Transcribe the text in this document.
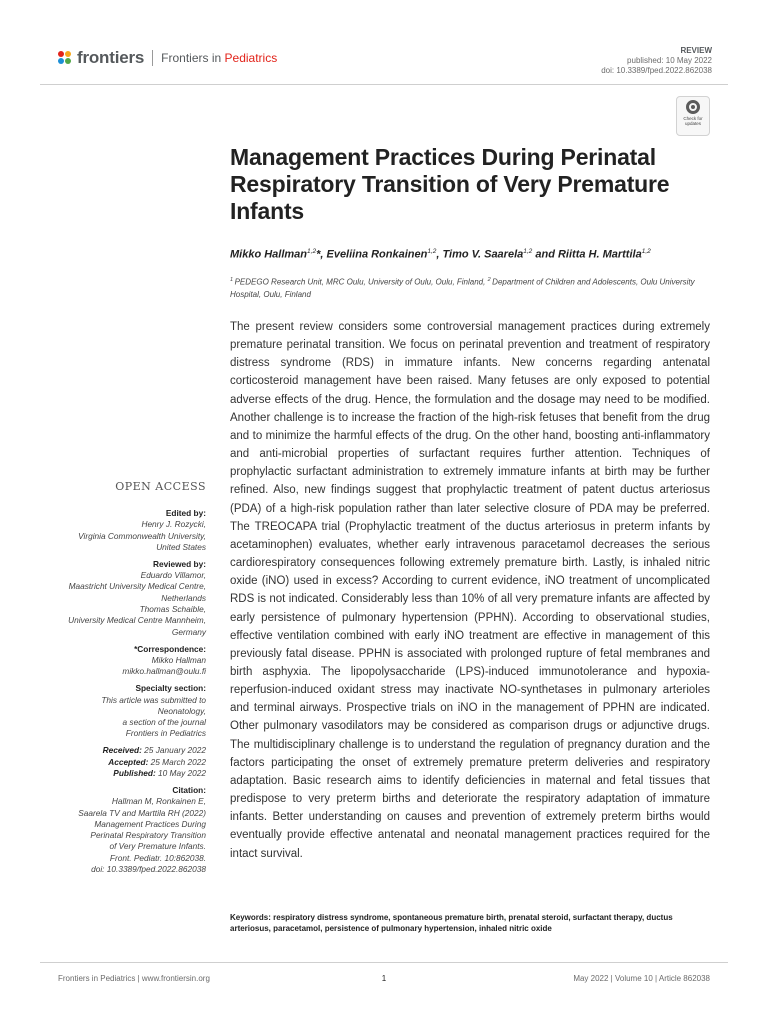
frontiers Frontiers in Pediatrics
REVIEW
published: 10 May 2022
doi: 10.3389/fped.2022.862038
Check for
updates
Management Practices During Perinatal Respiratory Transition of Very Premature Infants
Mikko Hallman$^{1,2}$*, Eveliina Ronkainen$^{1,2}$, Timo V. Saarela$^{1,2}$ and Riitta H. Marttila$^{1,2}$
$^1$ PEDEGO Research Unit, MRC Oulu, University of Oulu, Oulu, Finland, $^2$ Department of Children and Adolescents, Oulu University Hospital, Oulu, Finland

The present review considers some controversial management practices during extremely premature perinatal transition. We focus on perinatal prevention and treatment of respiratory distress syndrome (RDS) in immature infants. New concerns regarding antenatal corticosteroid management have been raised. Many fetuses are only exposed to potential adverse effects of the drug. Hence, the formulation and the dosage may need to be modified. Another challenge is to increase the fraction of the high-risk fetuses that benefit from the drug and to minimize the harmful effects of the drug. On the other hand, boosting anti-inflammatory and anti-microbial properties of surfactant requires further attention. Techniques of prophylactic surfactant administration to extremely immature infants at birth may be further refined. Also, new findings suggest that prophylactic treatment of patent ductus arteriosus (PDA) of a high-risk population rather than later selective closure of PDA may be preferred. The TREOCAPA trial (Prophylactic treatment of the ductus arteriosus in preterm infants by acetaminophen) evaluates, whether early intravenous paracetamol decreases the serious cardiorespiratory consequences following extremely premature birth. Lastly, is inhaled nitric oxide (iNO) used in excess? According to current evidence, iNO treatment of uncomplicated RDS is not indicated. Considerably less than 10% of all very premature infants are affected by early persistence of pulmonary hypertension (PPHN). According to observational studies, effective ventilation combined with early iNO treatment are effective in management of this previously fatal disease. PPHN is associated with prolonged rupture of fetal membranes and birth asphyxia. The lipopolysaccharide (LPS)-induced immunotolerance and hypoxia-reperfusion-induced oxidant stress may inactivate NO-synthetases in pulmonary arterioles and terminal airways. Prospective trials on iNO in the management of PPHN are indicated. Other pulmonary vasodilators may be considered as comparison drugs or adjunctive drugs. The multidisciplinary challenge is to understand the regulation of pregnancy duration and the factors participating the onset of extremely premature preterm deliveries and respiratory adaptation. Basic research aims to identify deficiencies in maternal and fetal tissues that predispose to very preterm births and deteriorate the respiratory adaptation of immature infants. Better understanding on causes and prevention of extremely preterm births would eventually provide effective antenatal and neonatal management practices required for the intact survival.

Keywords: respiratory distress syndrome, spontaneous premature birth, prenatal steroid, surfactant therapy, ductus arteriosus, paracetamol, persistence of pulmonary hypertension, inhaled nitric oxide
OPEN ACCESS
Edited by:
Henry J. Rozycki,
Virginia Commonwealth University,
United States
Reviewed by:
Eduardo Villamor,
Maastricht University Medical Centre,
Netherlands
Thomas Schaible,
University Medical Centre Mannheim,
Germany
*Correspondence:
Mikko Hallman
mikko.hallman@oulu.fi
Specialty section:
This article was submitted to
Neonatology,
a section of the journal
Frontiers in Pediatrics
Received: 25 January 2022
Accepted: 25 March 2022
Published: 10 May 2022
Citation:
Hallman M, Ronkainen E,
Saarela TV and Marttila RH (2022)
Management Practices During
Perinatal Respiratory Transition
of Very Premature Infants.
Front. Pediatr. 10:862038.
doi: 10.3389/fped.2022.862038
Frontiers in Pediatrics | www.frontiersin.org	1	May 2022 | Volume 10 | Article 862038
